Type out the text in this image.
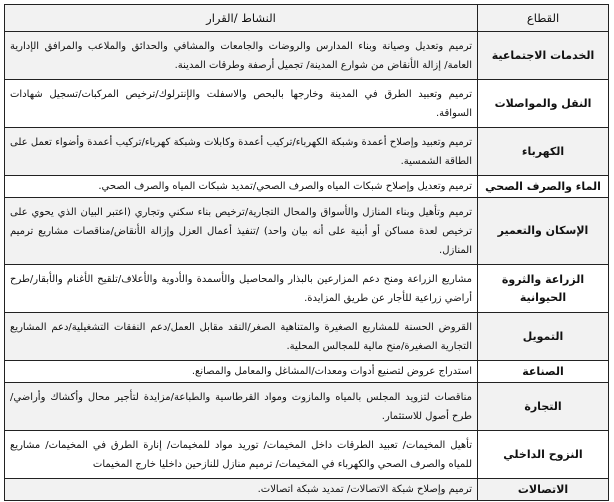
القطاع	النشاط /القرار
الخدمات الاجتماعية	ترميم وتعديل وصيانة وبناء المدارس والروضات والجامعات والمشافي والحدائق والملاعب والمرافق الإدارية العامة/ إزالة الأنقاض من شوارع المدينة/ تجميل أرصفة وطرقات المدينة.
النقل والمواصلات	ترميم وتعبيد الطرق في المدينة وخارجها بالبحص والاسفلت والإنترلوك/ترخيص المركبات/تسجيل شهادات السواقة.
الكهرباء	ترميم وتعبيد وإصلاح أعمدة وشبكة الكهرباء/تركيب أعمدة وكابلات وشبكة كهرباء/تركيب أعمدة وأضواء تعمل على الطاقة الشمسية.
الماء والصرف الصحي	ترميم وتعديل وإصلاح شبكات المياه والصرف الصحي/تمديد شبكات المياه والصرف الصحي.
الإسكان والتعمير	ترميم وتأهيل وبناء المنازل والأسواق والمحال التجارية/ترخيص بناء سكني وتجاري (اعتبر البيان الذي يحوي على ترخيص لعدة مساكن أو أبنية على أنه بيان واحد) /تنفيذ أعمال العزل وإزالة الأنقاض/مناقصات مشاريع ترميم المنازل.
الزراعة والثروة الحيوانية	مشاريع الزراعة ومنح دعم المزارعين بالبذار والمحاصيل والأسمدة والأدوية والأعلاف/تلقيح الأغنام والأبقار/طرح أراضي زراعية للأجار عن طريق المزايدة.
التمويل	القروض الحسنة للمشاريع الصغيرة والمتناهية الصغر/النقد مقابل العمل/دعم النفقات التشغيلية/دعم المشاريع التجارية الصغيرة/منح مالية للمجالس المحلية.
الصناعة	استدراج عروض لتصنيع أدوات ومعدات/المشاغل والمعامل والمصانع.
التجارة	مناقصات لتزويد المجلس بالمياه والمازوت ومواد القرطاسية والطباعة/مزايدة لتأجير محال وأكشاك وأراضي/ طرح أصول للاستثمار.
النزوح الداخلي	تأهيل المخيمات/ تعبيد الطرقات داخل المخيمات/ توريد مواد للمخيمات/ إنارة الطرق في المخيمات/ مشاريع للمياه والصرف الصحي والكهرباء في المخيمات/ ترميم منازل للنازحين داخليا خارج المخيمات
الاتصالات	ترميم وإصلاح شبكة الاتصالات/ تمديد شبكة اتصالات.
